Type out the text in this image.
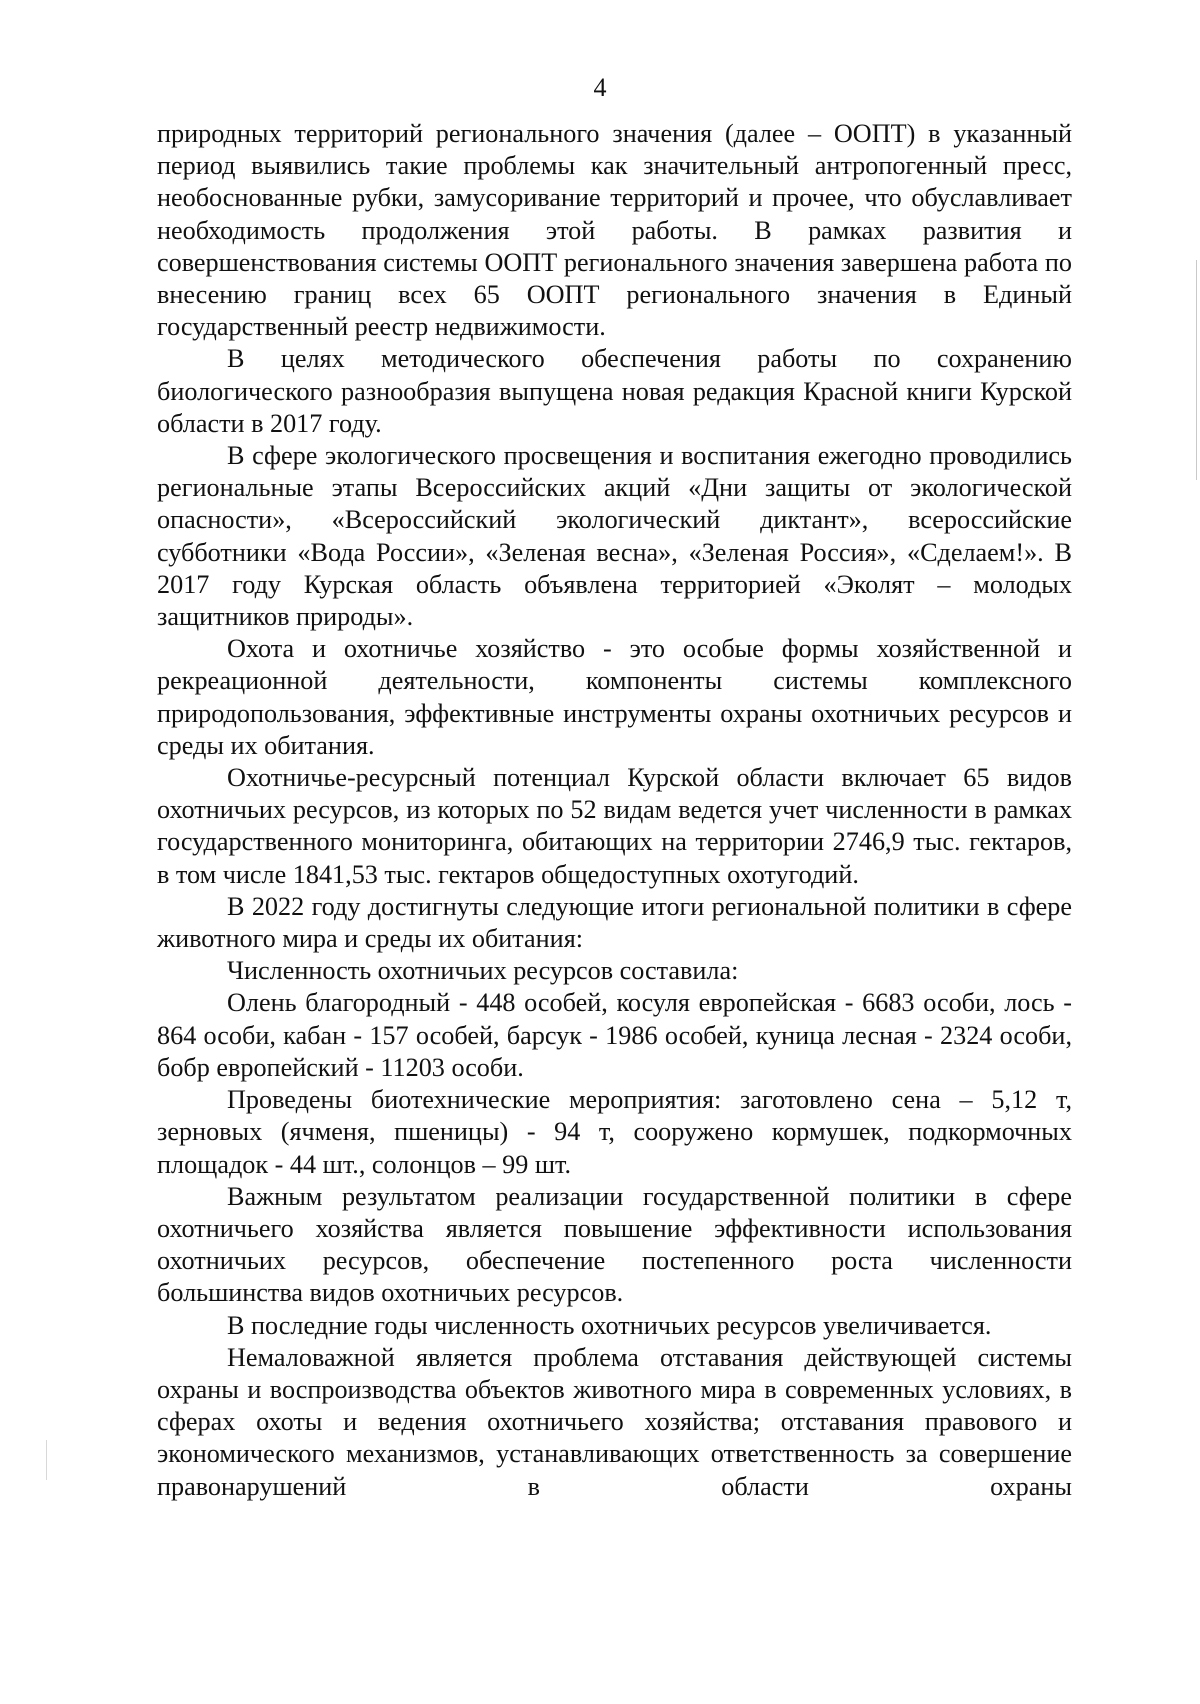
4

природных территорий регионального значения (далее – ООПТ) в указанный период выявились такие проблемы как значительный антропогенный пресс, необоснованные рубки, замусоривание территорий и прочее, что обуславливает необходимость продолжения этой работы. В рамках развития и совершенствования системы ООПТ регионального значения завершена работа по внесению границ всех 65 ООПТ регионального значения в Единый государственный реестр недвижимости.

В целях методического обеспечения работы по сохранению биологического разнообразия выпущена новая редакция Красной книги Курской области в 2017 году.

В сфере экологического просвещения и воспитания ежегодно проводились региональные этапы Всероссийских акций «Дни защиты от экологической опасности», «Всероссийский экологический диктант», всероссийские субботники «Вода России», «Зеленая весна», «Зеленая Россия», «Сделаем!». В 2017 году Курская область объявлена территорией «Эколят – молодых защитников природы».

Охота и охотничье хозяйство - это особые формы хозяйственной и рекреационной деятельности, компоненты системы комплексного природопользования, эффективные инструменты охраны охотничьих ресурсов и среды их обитания.

Охотничье-ресурсный потенциал Курской области включает 65 видов охотничьих ресурсов, из которых по 52 видам ведется учет численности в рамках государственного мониторинга, обитающих на территории 2746,9 тыс. гектаров, в том числе 1841,53 тыс. гектаров общедоступных охотугодий.

В 2022 году достигнуты следующие итоги региональной политики в сфере животного мира и среды их обитания:

Численность охотничьих ресурсов составила:

Олень благородный - 448 особей, косуля европейская - 6683 особи, лось - 864 особи, кабан - 157 особей, барсук - 1986 особей, куница лесная - 2324 особи, бобр европейский - 11203 особи.

Проведены биотехнические мероприятия: заготовлено сена – 5,12 т, зерновых (ячменя, пшеницы) - 94 т, сооружено кормушек, подкормочных площадок - 44 шт., солонцов – 99 шт.

Важным результатом реализации государственной политики в сфере охотничьего хозяйства является повышение эффективности использования охотничьих ресурсов, обеспечение постепенного роста численности большинства видов охотничьих ресурсов.

В последние годы численность охотничьих ресурсов увеличивается.

Немаловажной является проблема отставания действующей системы охраны и воспроизводства объектов животного мира в современных условиях, в сферах охоты и ведения охотничьего хозяйства; отставания правового и экономического механизмов, устанавливающих ответственность за совершение правонарушений в области охраны
